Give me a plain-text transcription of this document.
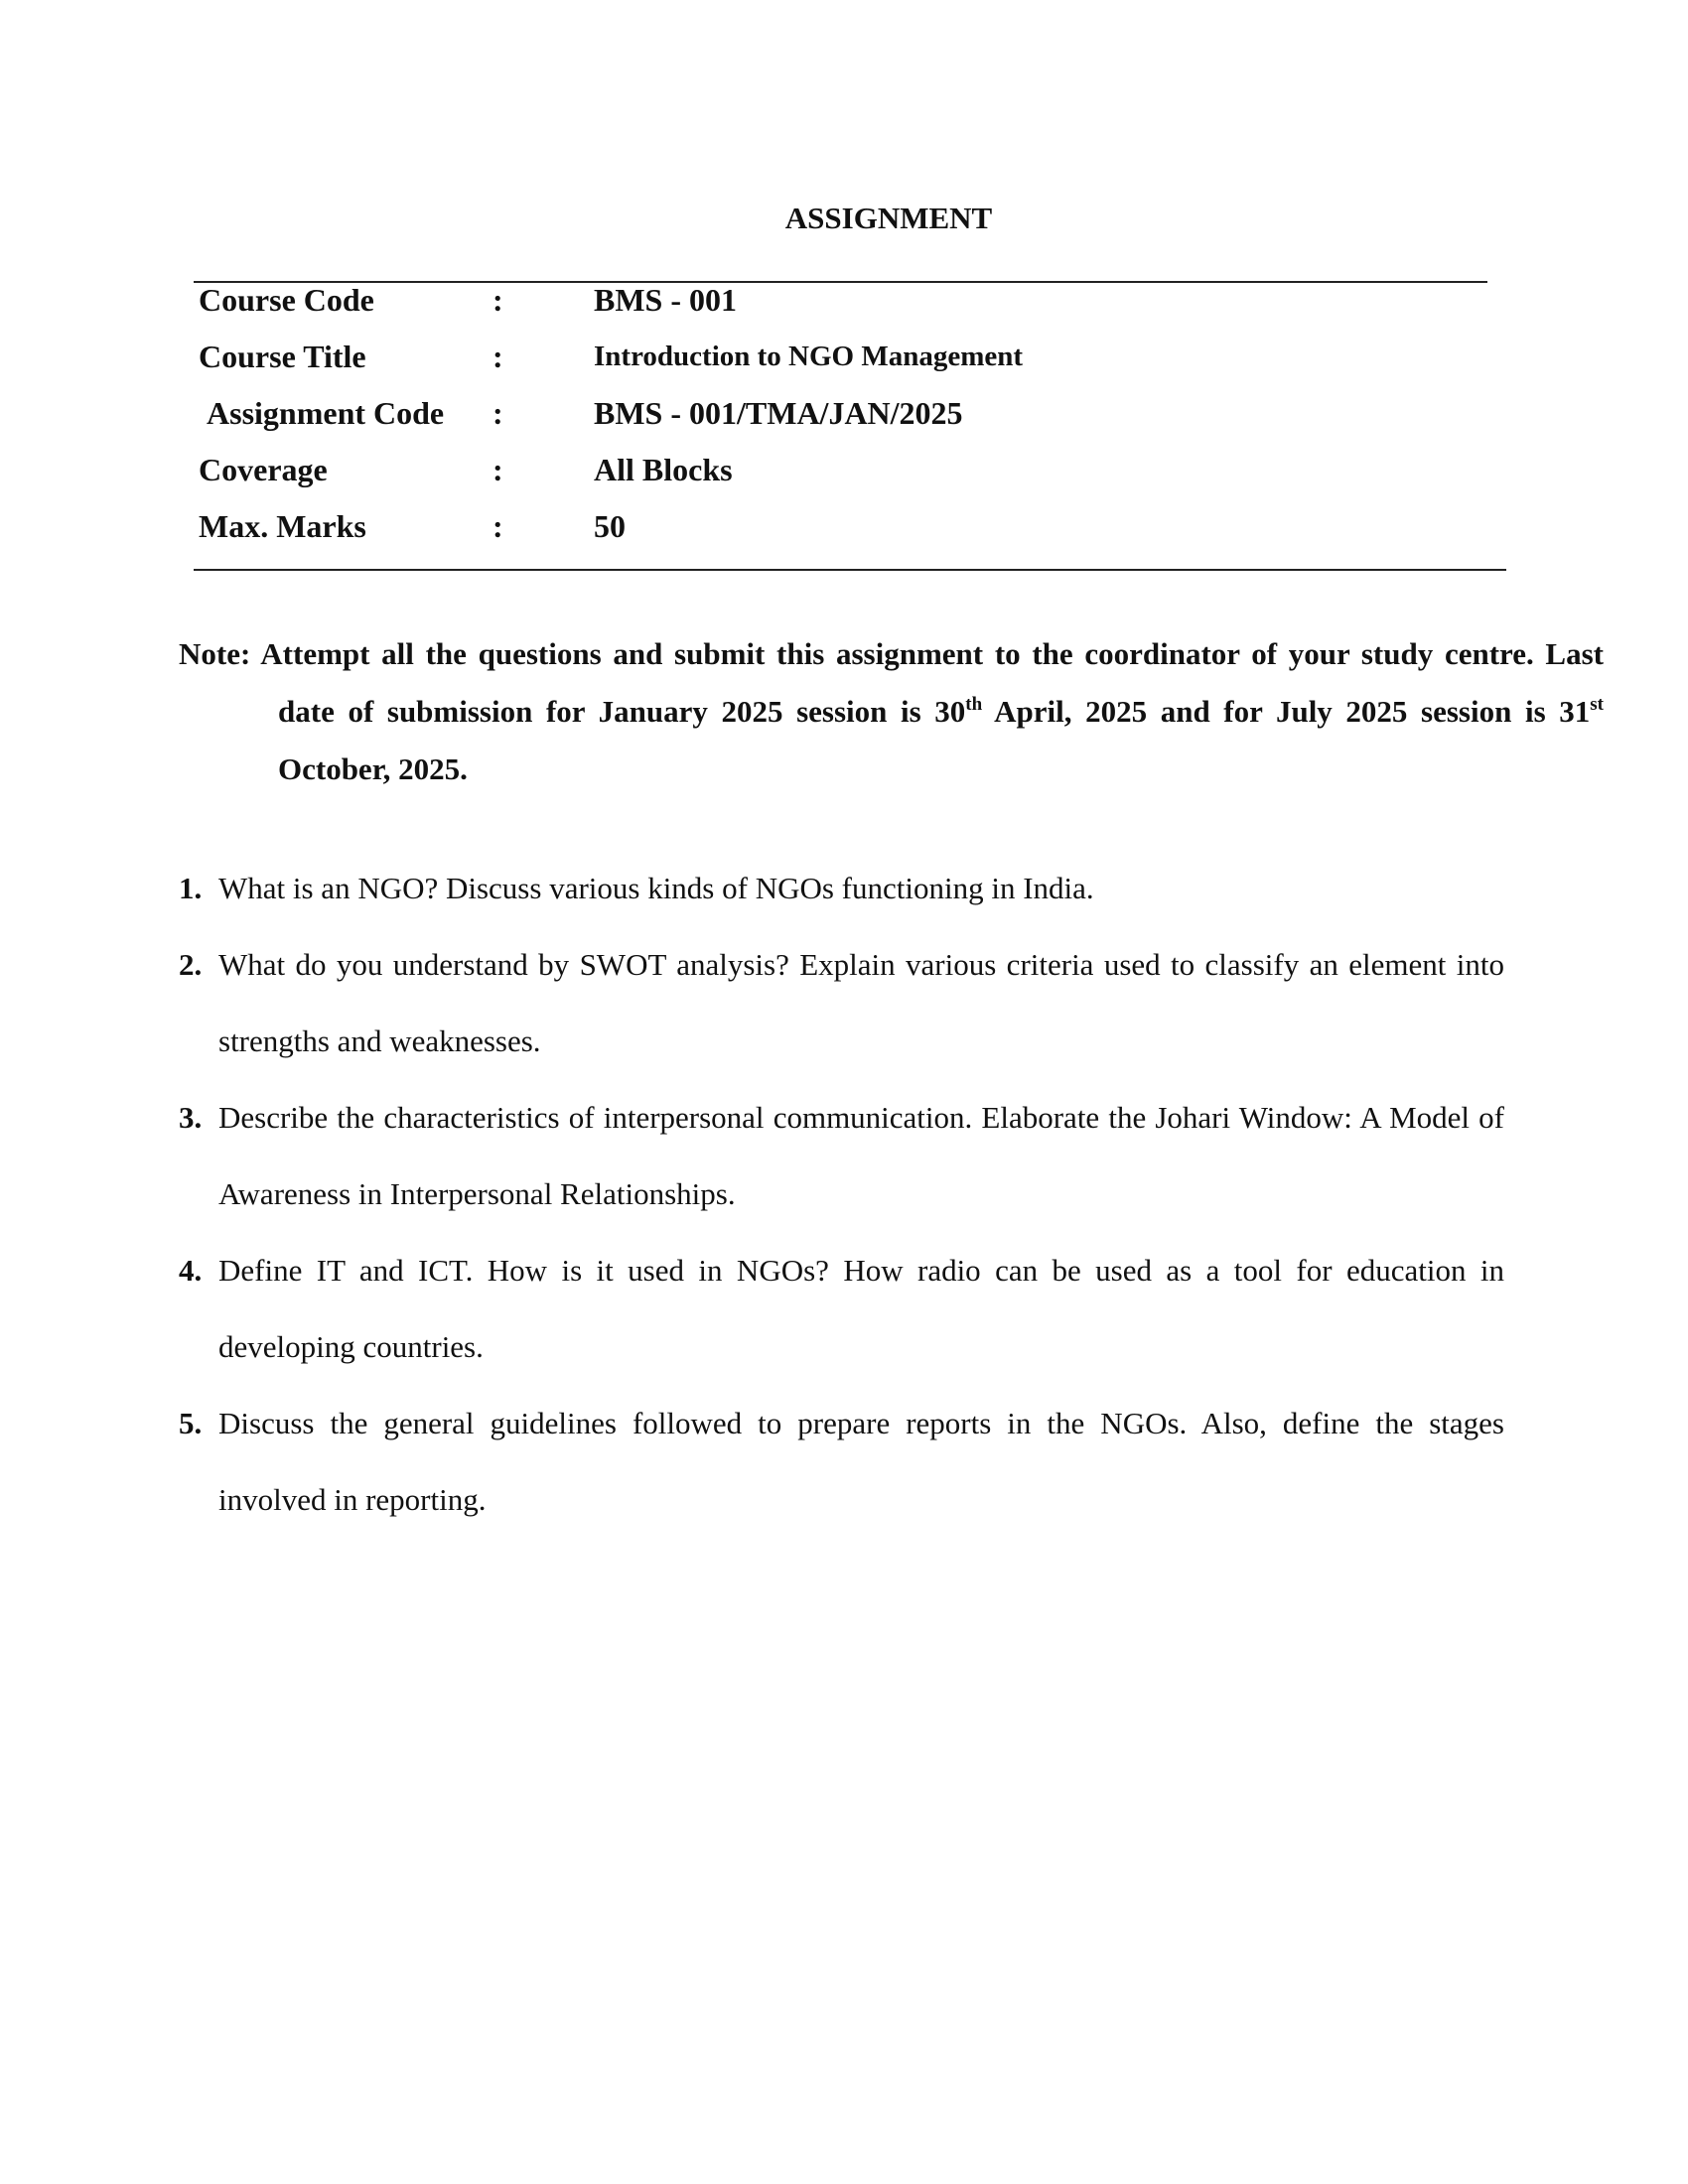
ASSIGNMENT
Course Code	:	BMS - 001
Course Title	:	Introduction to NGO Management
Assignment Code :	BMS - 001/TMA/JAN/2025
Coverage	:	All Blocks
Max. Marks	:	50
Note: Attempt all the questions and submit this assignment to the coordinator of your study centre. Last date of submission for January 2025 session is 30th April, 2025 and for July 2025 session is 31st October, 2025.
1. What is an NGO? Discuss various kinds of NGOs functioning in India.
2. What do you understand by SWOT analysis? Explain various criteria used to classify an element into strengths and weaknesses.
3. Describe the characteristics of interpersonal communication. Elaborate the Johari Window: A Model of Awareness in Interpersonal Relationships.
4. Define IT and ICT. How is it used in NGOs? How radio can be used as a tool for education in developing countries.
5. Discuss the general guidelines followed to prepare reports in the NGOs. Also, define the stages involved in reporting.
